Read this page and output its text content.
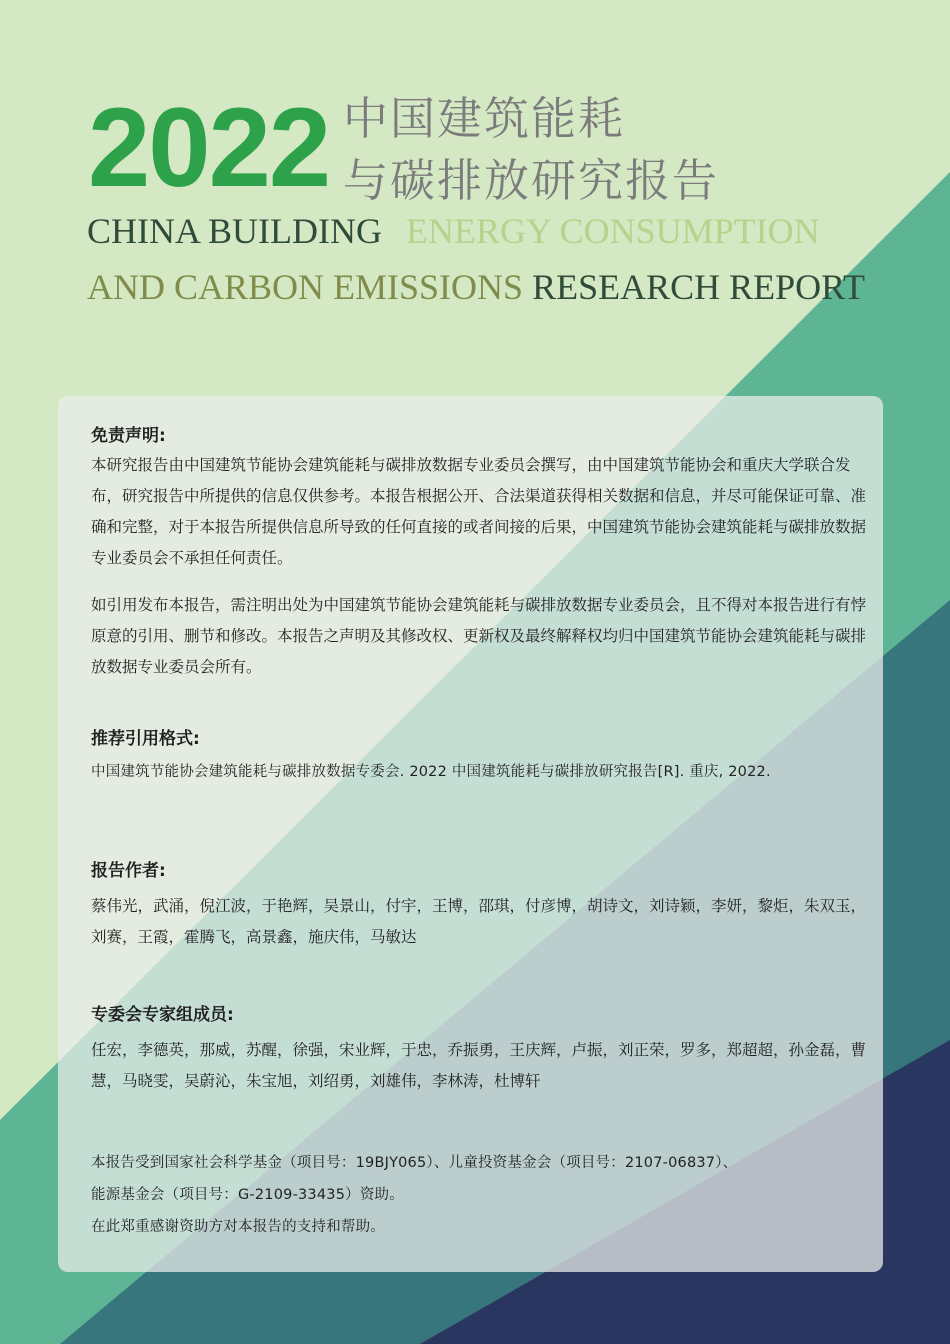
2022 中国建筑能耗
与碳排放研究报告
CHINA BUILDING ENERGY CONSUMPTION
AND CARBON EMISSIONS RESEARCH REPORT
免责声明:
本研究报告由中国建筑节能协会建筑能耗与碳排放数据专业委员会撰写，由中国建筑节能协会和重庆大学联合发布，研究报告中所提供的信息仅供参考。本报告根据公开、合法渠道获得相关数据和信息，并尽可能保证可靠、准确和完整，对于本报告所提供信息所导致的任何直接的或者间接的后果，中国建筑节能协会建筑能耗与碳排放数据专业委员会不承担任何责任。
如引用发布本报告，需注明出处为中国建筑节能协会建筑能耗与碳排放数据专业委员会，且不得对本报告进行有悖原意的引用、删节和修改。本报告之声明及其修改权、更新权及最终解释权均归中国建筑节能协会建筑能耗与碳排放数据专业委员会所有。
推荐引用格式:
中国建筑节能协会建筑能耗与碳排放数据专委会. 2022 中国建筑能耗与碳排放研究报告[R]. 重庆, 2022.
报告作者:
蔡伟光，武涌，倪江波，于艳辉，吴景山，付宇，王博，邵琪，付彦博，胡诗文，刘诗颖，李妍，黎炬，朱双玉，刘赛，王霞，霍腾飞，高景鑫，施庆伟，马敏达
专委会专家组成员:
任宏，李德英，那威，苏醒，徐强，宋业辉，于忠，乔振勇，王庆辉，卢振，刘正荣，罗多，郑超超，孙金磊，曹慧，马晓雯，吴蔚沁，朱宝旭，刘绍勇，刘雄伟，李林涛，杜博轩
本报告受到国家社会科学基金（项目号：19BJY065）、儿童投资基金会（项目号：2107-06837）、
能源基金会（项目号：G-2109-33435）资助。
在此郑重感谢资助方对本报告的支持和帮助。
